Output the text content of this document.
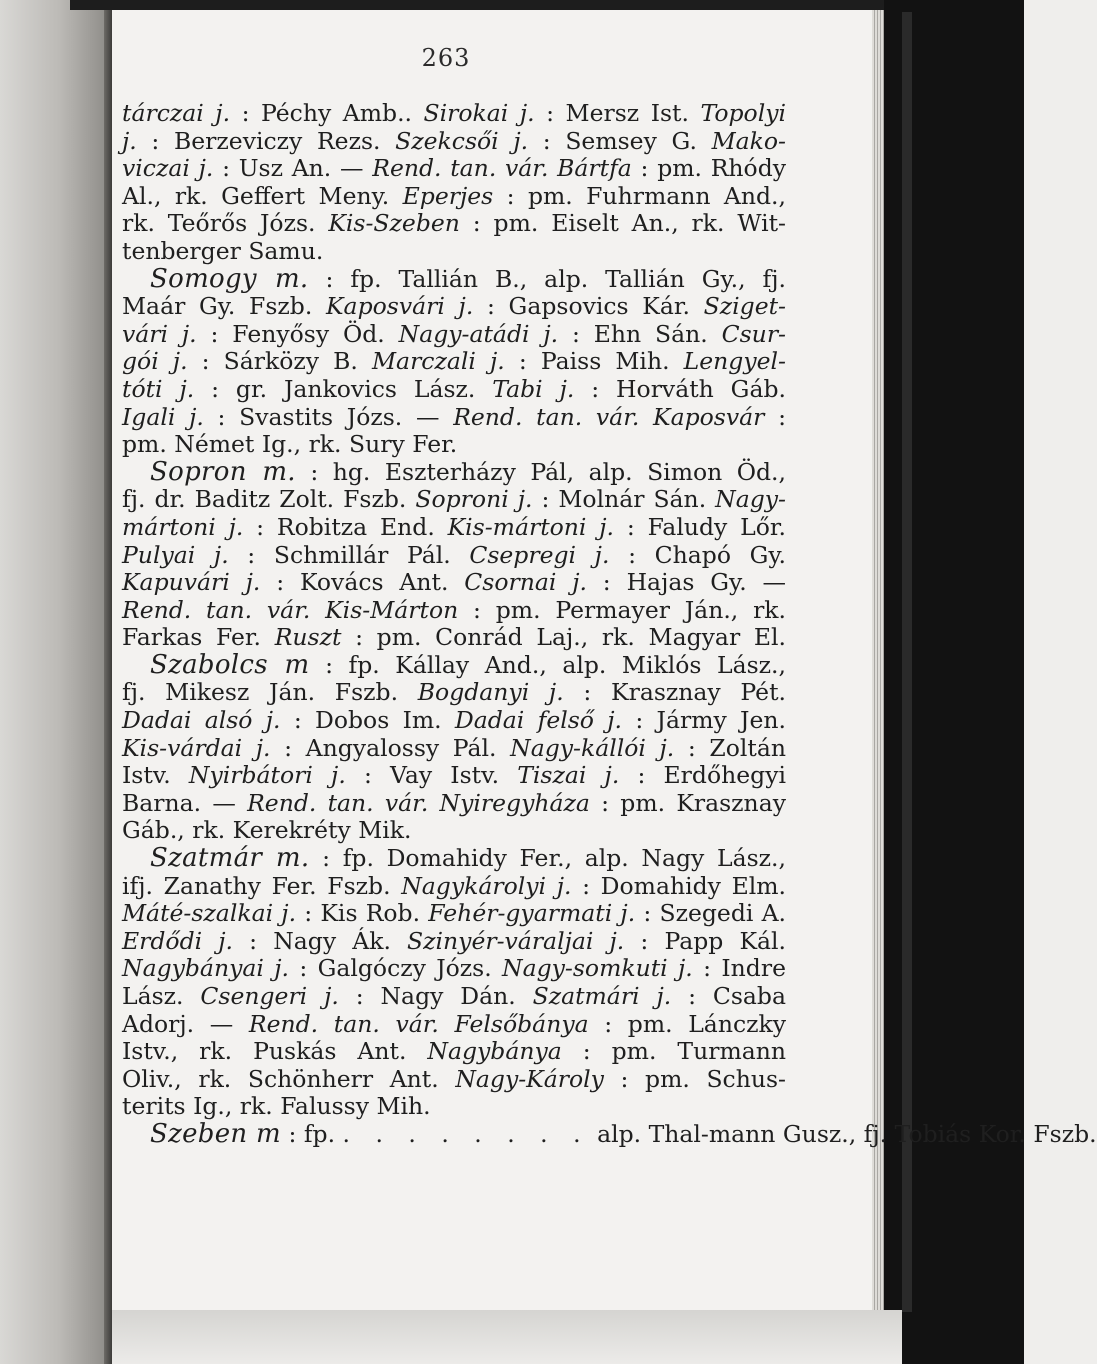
263
tárczai j. : Péchy Amb.. Sirokai j. : Mersz Ist. Topolyi
j. : Berzeviczy Rezs. Szekcsői j. : Semsey G. Mako-
viczai j. : Usz An. — Rend. tan. vár. Bártfa : pm. Rhódy
Al., rk. Geffert Meny. Eperjes : pm. Fuhrmann And.,
rk. Teőrős Józs. Kis-Szeben : pm. Eiselt An., rk. Wit-
tenberger Samu.
Somogy m. : fp. Tallián B., alp. Tallián Gy., fj.
Maár Gy. Fszb. Kaposvári j. : Gapsovics Kár. Sziget-
vári j. : Fenyősy Öd. Nagy-atádi j. : Ehn Sán. Csur-
gói j. : Sárközy B. Marczali j. : Paiss Mih. Lengyel-
tóti j. : gr. Jankovics Lász. Tabi j. : Horváth Gáb.
Igali j. : Svastits Józs. — Rend. tan. vár. Kaposvár :
pm. Német Ig., rk. Sury Fer.
Sopron m. : hg. Eszterházy Pál, alp. Simon Öd.,
fj. dr. Baditz Zolt. Fszb. Soproni j. : Molnár Sán. Nagy-
mártoni j. : Robitza End. Kis-mártoni j. : Faludy Lőr.
Pulyai j. : Schmillár Pál. Csepregi j. : Chapó Gy.
Kapuvári j. : Kovács Ant. Csornai j. : Hajas Gy. —
Rend. tan. vár. Kis-Márton : pm. Permayer Ján., rk.
Farkas Fer. Ruszt : pm. Conrád Laj., rk. Magyar El.
Szabolcs m : fp. Kállay And., alp. Miklós Lász.,
fj. Mikesz Ján. Fszb. Bogdanyi j. : Krasznay Pét.
Dadai alsó j. : Dobos Im. Dadai felső j. : Jármy Jen.
Kis-várdai j. : Angyalossy Pál. Nagy-kállói j. : Zoltán
Istv. Nyirbátori j. : Vay Istv. Tiszai j. : Erdőhegyi
Barna. — Rend. tan. vár. Nyiregyháza : pm. Krasznay
Gáb., rk. Kerekréty Mik.
Szatmár m. : fp. Domahidy Fer., alp. Nagy Lász.,
ifj. Zanathy Fer. Fszb. Nagykárolyi j. : Domahidy Elm.
Máté-szalkai j. : Kis Rob. Fehér-gyarmati j. : Szegedi A.
Erdődi j. : Nagy Ák. Szinyér-váraljai j. : Papp Kál.
Nagybányai j. : Galgóczy Józs. Nagy-somkuti j. : Indre
Lász. Csengeri j. : Nagy Dán. Szatmári j. : Csaba
Adorj. — Rend. tan. vár. Felsőbánya : pm. Lánczky
Istv., rk. Puskás Ant. Nagybánya : pm. Turmann
Oliv., rk. Schönherr Ant. Nagy-Károly : pm. Schus-
terits Ig., rk. Falussy Mih.
Szeben m : fp. . . . . . . . . alp. Thal-mann Gusz., fj. Tobiás Kor. Fszb.
